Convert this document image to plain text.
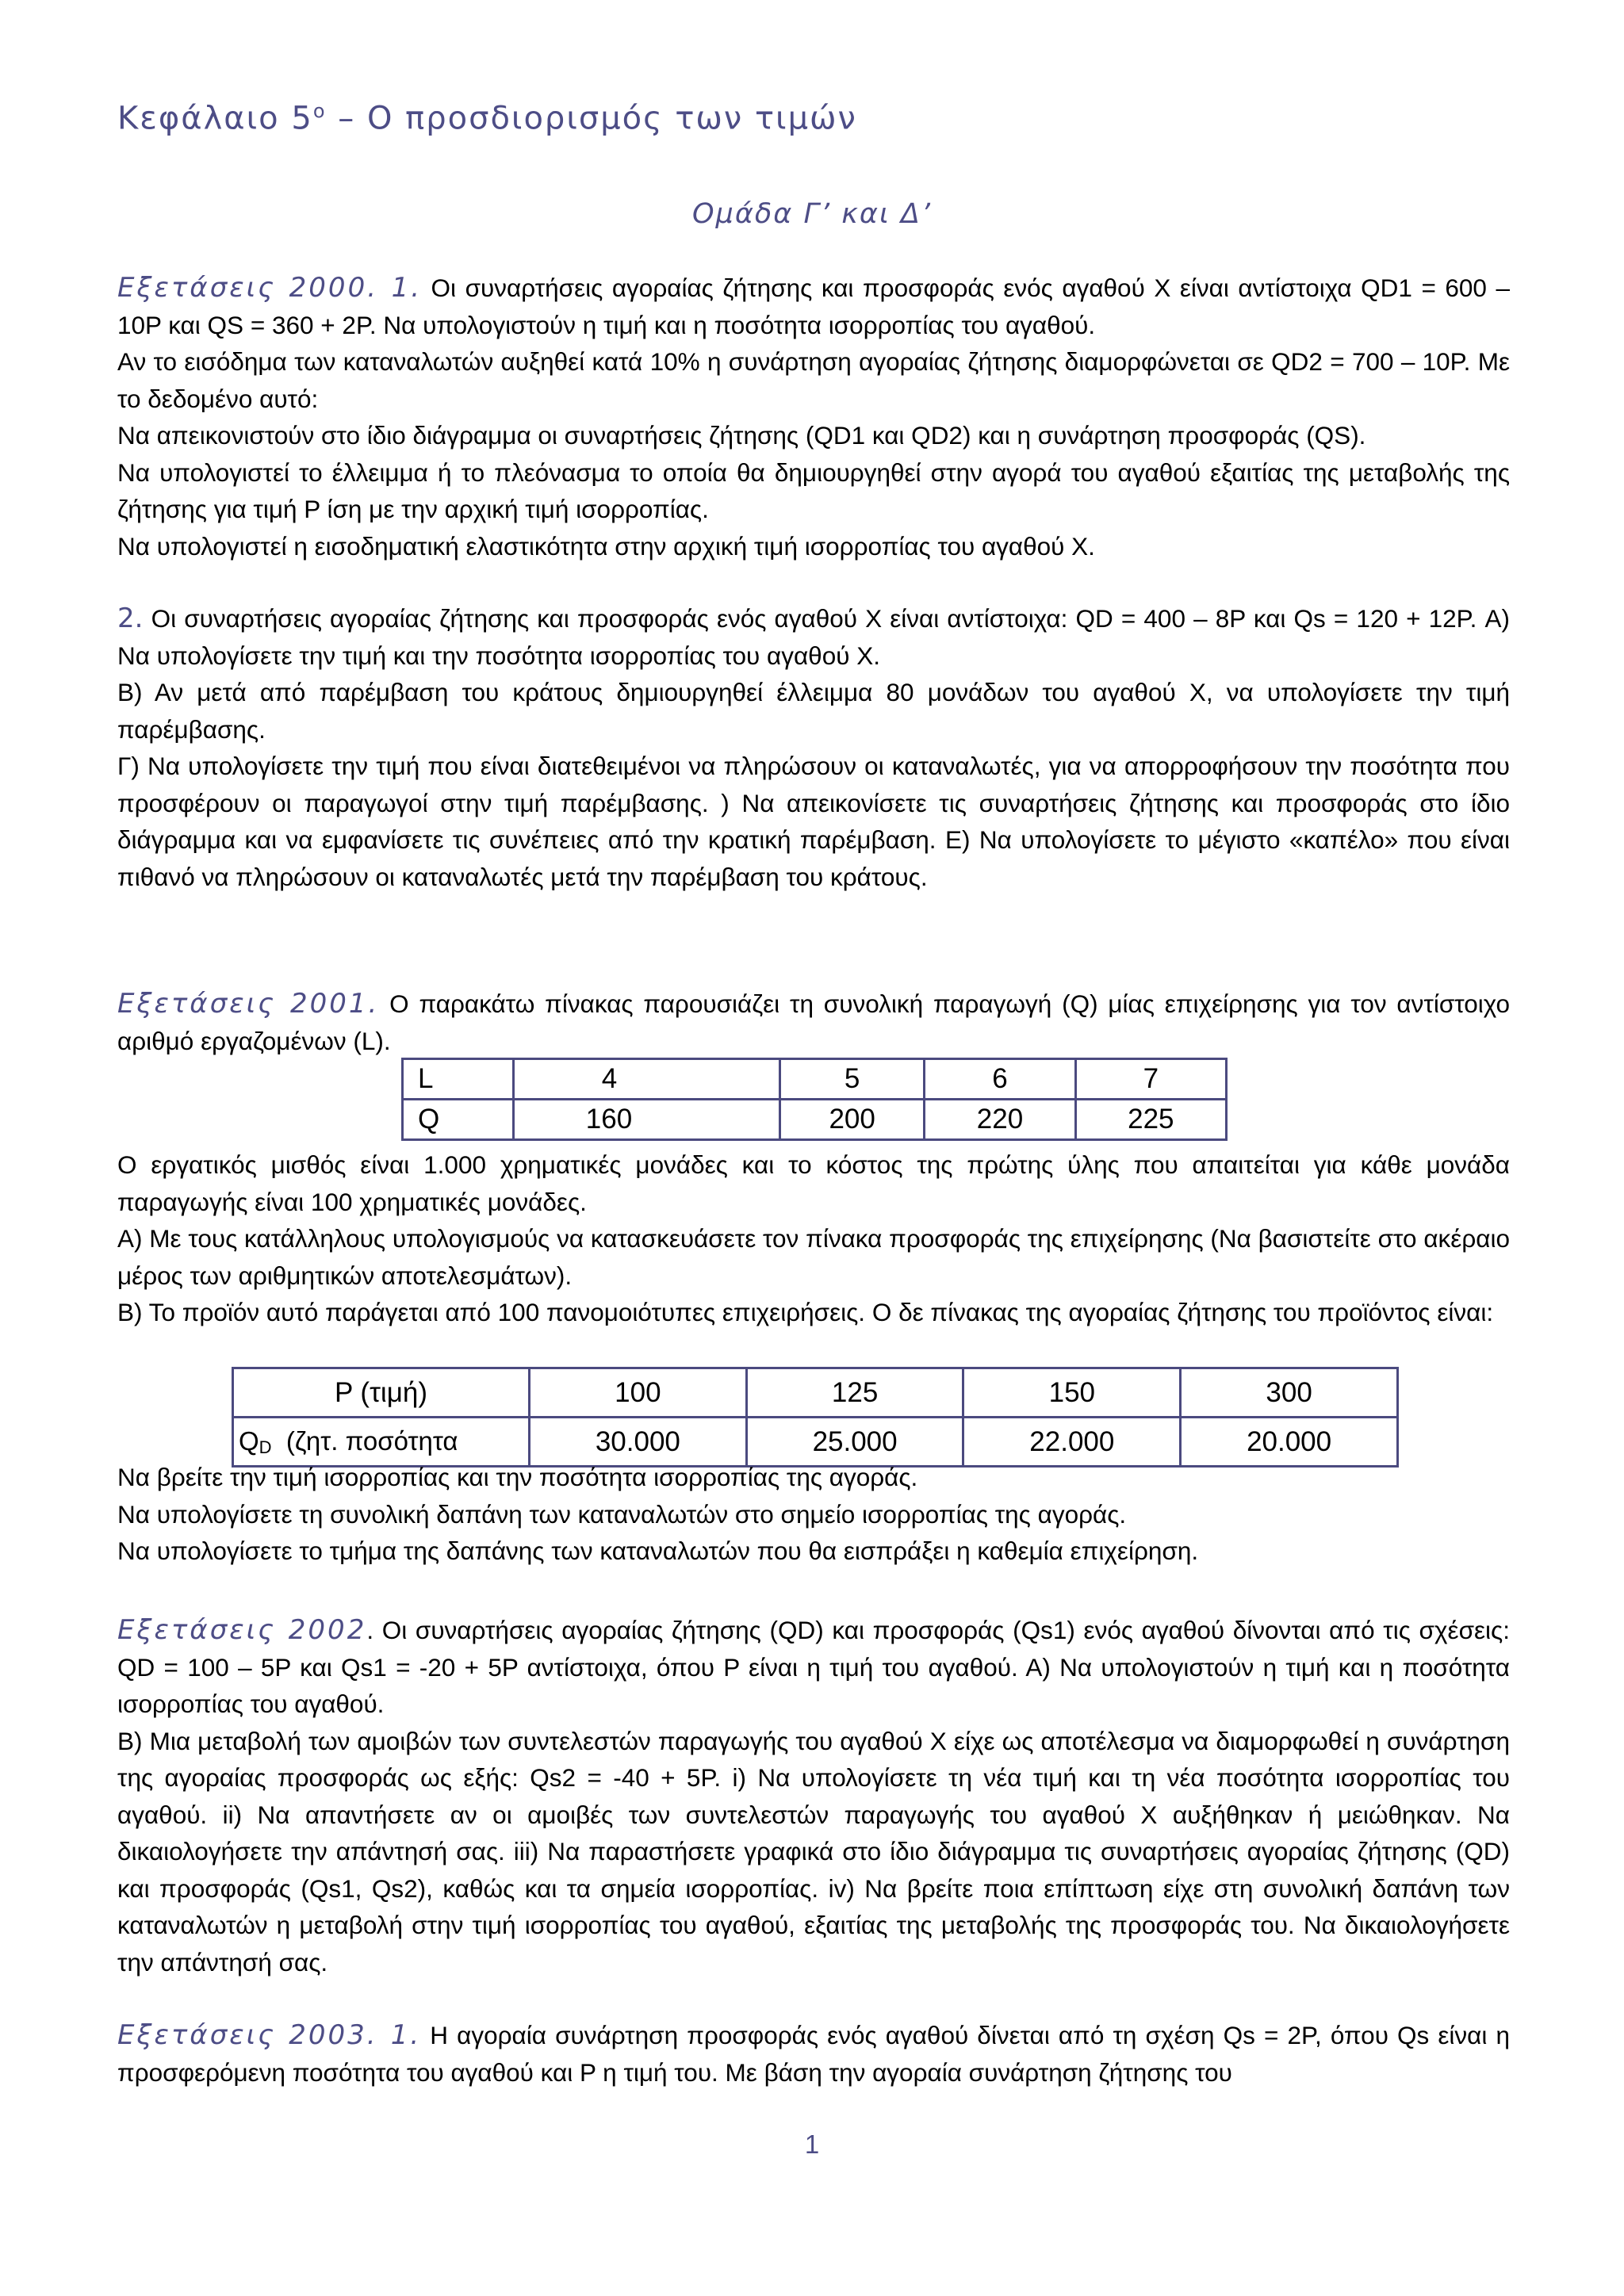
Κεφάλαιο $5^o$ – Ο προσδιορισμός των τιμών
Ομάδα Γ’ και Δ’

Εξετάσεις 2000. 1. Οι συναρτήσεις αγοραίας ζήτησης και προσφοράς ενός αγαθού Χ είναι αντίστοιχα QD1 = 600 – 10P και QS = 360 + 2P. Να υπολογιστούν η τιμή και η ποσότητα ισορροπίας του αγαθού.

Αν το εισόδημα των καταναλωτών αυξηθεί κατά 10% η συνάρτηση αγοραίας ζήτησης διαμορφώνεται σε QD2 = 700 – 10P. Με το δεδομένο αυτό:

Να απεικονιστούν στο ίδιο διάγραμμα οι συναρτήσεις ζήτησης (QD1 και QD2) και η συνάρτηση προσφοράς (QS).

Να υπολογιστεί το έλλειμμα ή το πλεόνασμα το οποία θα δημιουργηθεί στην αγορά του αγαθού εξαιτίας της μεταβολής της ζήτησης για τιμή P ίση με την αρχική τιμή ισορροπίας.

Να υπολογιστεί η εισοδηματική ελαστικότητα στην αρχική τιμή ισορροπίας του αγαθού Χ.

2. Οι συναρτήσεις αγοραίας ζήτησης και προσφοράς ενός αγαθού Χ είναι αντίστοιχα: QD = 400 – 8P και Qs = 120 + 12P. Α) Να υπολογίσετε την τιμή και την ποσότητα ισορροπίας του αγαθού Χ.

Β) Αν μετά από παρέμβαση του κράτους δημιουργηθεί έλλειμμα 80 μονάδων του αγαθού Χ, να υπολογίσετε την τιμή παρέμβασης.

Γ) Να υπολογίσετε την τιμή που είναι διατεθειμένοι να πληρώσουν οι καταναλωτές, για να απορροφήσουν την ποσότητα που προσφέρουν οι παραγωγοί στην τιμή παρέμβασης. ) Να απεικονίσετε τις συναρτήσεις ζήτησης και προσφοράς στο ίδιο διάγραμμα και να εμφανίσετε τις συνέπειες από την κρατική παρέμβαση. Ε) Να υπολογίσετε το μέγιστο «καπέλο» που είναι πιθανό να πληρώσουν οι καταναλωτές μετά την παρέμβαση του κράτους.

Εξετάσεις 2001. Ο παρακάτω πίνακας παρουσιάζει τη συνολική παραγωγή (Q) μίας επιχείρησης για τον αντίστοιχο αριθμό εργαζομένων (L).

L	4	5	6	7
Q	160	200	220	225

Ο εργατικός μισθός είναι 1.000 χρηματικές μονάδες και το κόστος της πρώτης ύλης που απαιτείται για κάθε μονάδα παραγωγής είναι 100 χρηματικές μονάδες.

Α) Με τους κατάλληλους υπολογισμούς να κατασκευάσετε τον πίνακα προσφοράς της επιχείρησης (Να βασιστείτε στο ακέραιο μέρος των αριθμητικών αποτελεσμάτων).

Β) Το προϊόν αυτό παράγεται από 100 πανομοιότυπες επιχειρήσεις. Ο δε πίνακας της αγοραίας ζήτησης του προϊόντος είναι:

P (τιμή)	100	125	150	300
QD  (ζητ. ποσότητα	30.000	25.000	22.000	20.000

Να βρείτε την τιμή ισορροπίας και την ποσότητα ισορροπίας της αγοράς.

Να υπολογίσετε τη συνολική δαπάνη των καταναλωτών στο σημείο ισορροπίας της αγοράς.

Να υπολογίσετε το τμήμα της δαπάνης των καταναλωτών που θα εισπράξει η καθεμία επιχείρηση.

Εξετάσεις 2002. Οι συναρτήσεις αγοραίας ζήτησης (QD) και προσφοράς (Qs1) ενός αγαθού δίνονται από τις σχέσεις: QD = 100 – 5P και Qs1 = -20 + 5P αντίστοιχα, όπου P είναι η τιμή του αγαθού. Α) Να υπολογιστούν η τιμή και η ποσότητα ισορροπίας του αγαθού.

Β) Μια μεταβολή των αμοιβών των συντελεστών παραγωγής του αγαθού Χ είχε ως αποτέλεσμα να διαμορφωθεί η συνάρτηση της αγοραίας προσφοράς ως εξής: Qs2 = -40 + 5P. i) Να υπολογίσετε τη νέα τιμή και τη νέα ποσότητα ισορροπίας του αγαθού. ii) Να απαντήσετε αν οι αμοιβές των συντελεστών παραγωγής του αγαθού Χ αυξήθηκαν ή μειώθηκαν. Να δικαιολογήσετε την απάντησή σας. iii) Να παραστήσετε γραφικά στο ίδιο διάγραμμα τις συναρτήσεις αγοραίας ζήτησης (QD) και προσφοράς (Qs1, Qs2), καθώς και τα σημεία ισορροπίας. iv) Να βρείτε ποια επίπτωση είχε στη συνολική δαπάνη των καταναλωτών η μεταβολή στην τιμή ισορροπίας του αγαθού, εξαιτίας της μεταβολής της προσφοράς του. Να δικαιολογήσετε την απάντησή σας.

Εξετάσεις 2003. 1. Η αγοραία συνάρτηση προσφοράς ενός αγαθού δίνεται από τη σχέση Qs = 2P, όπου Qs είναι η προσφερόμενη ποσότητα του αγαθού και P η τιμή του. Με βάση την αγοραία συνάρτηση ζήτησης του

1
